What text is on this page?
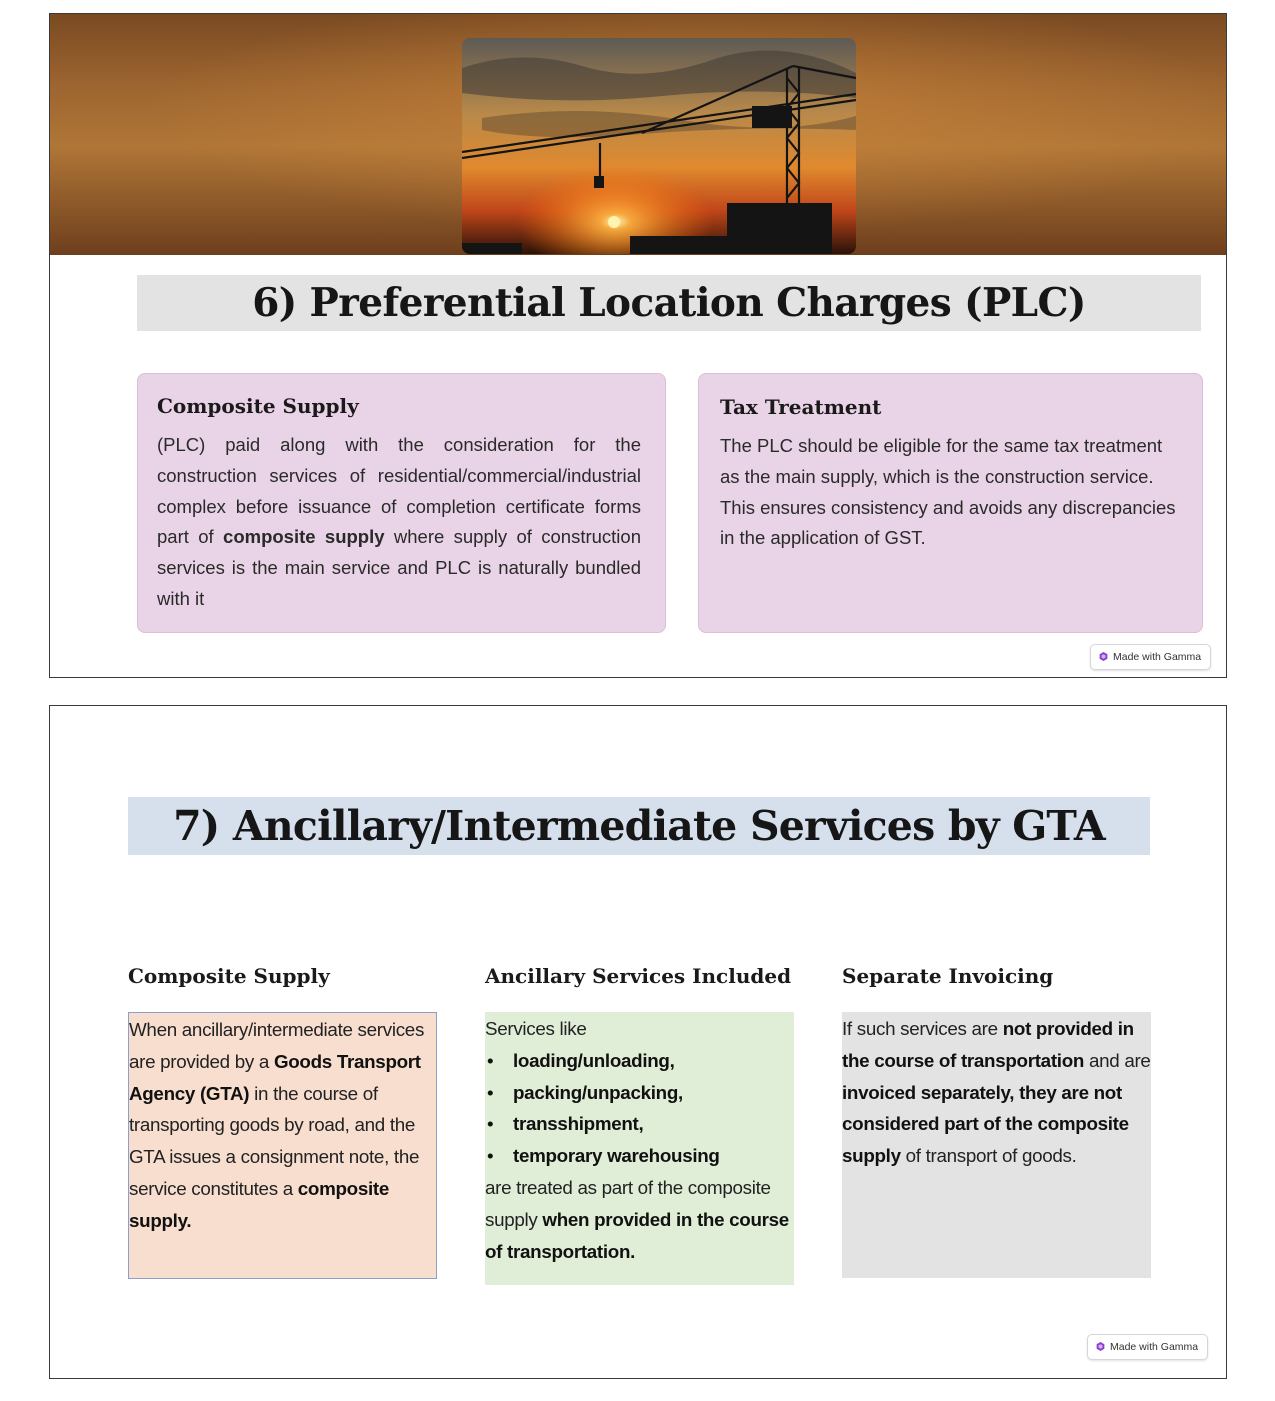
6) Preferential Location Charges (PLC)
Composite Supply

(PLC) paid along with the consideration for the construction services of residential/commercial/industrial complex before issuance of completion certificate forms part of composite supply where supply of construction services is the main service and PLC is naturally bundled with it

Tax Treatment

The PLC should be eligible for the same tax treatment as the main supply, which is the construction service. This ensures consistency and avoids any discrepancies in the application of GST.

Made with Gamma
7) Ancillary/Intermediate Services by GTA
Composite Supply	Ancillary Services Included	Separate Invoicing
When ancillary/intermediate services are provided by a Goods Transport Agency (GTA) in the course of transporting goods by road, and the GTA issues a consignment note, the service constitutes a composite supply.
Services like
• loading/unloading,
• packing/unpacking,
• transshipment,
• temporary warehousing
are treated as part of the composite supply when provided in the course of transportation.
If such services are not provided in the course of transportation and are invoiced separately, they are not considered part of the composite supply of transport of goods.
Made with Gamma
